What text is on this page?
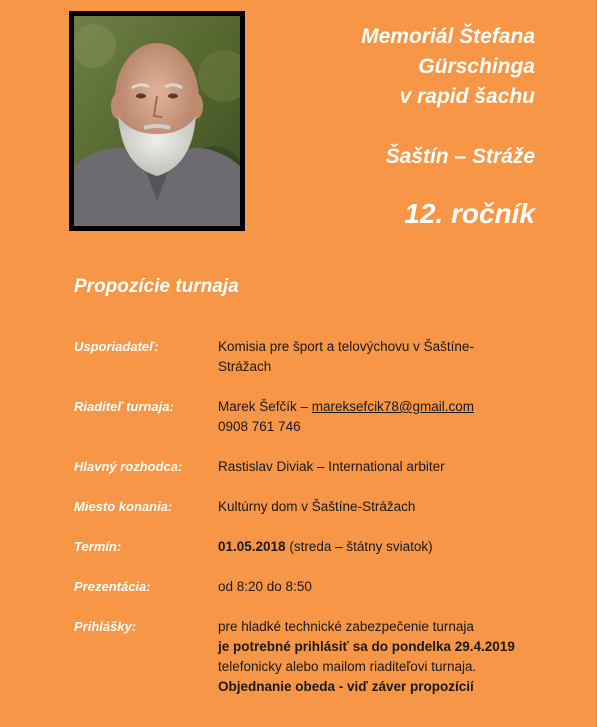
Memoriál Štefana
Gürschinga
v rapid šachu
Šaštín – Stráže
12. ročník
Propozície turnaja
Usporiadateľ:	Komisia pre šport a telovýchovu v Šaštíne-
Strážach
Riaditeľ turnaja:	Marek Šefčík – mareksefcik78@gmail.com
0908 761 746
Hlavný rozhodca:	Rastislav Diviak – International arbiter
Miesto konania:	Kultúrny dom v Šaštíne-Strážach
Termín:	01.05.2018 (streda – štátny sviatok)
Prezentácia:	od 8:20 do 8:50
Prihlášky:	pre hladké technické zabezpečenie turnaja
je potrebné prihlásiť sa do pondelka 29.4.2019
telefonicky alebo mailom riaditeľovi turnaja.
Objednanie obeda - viď záver propozícií
